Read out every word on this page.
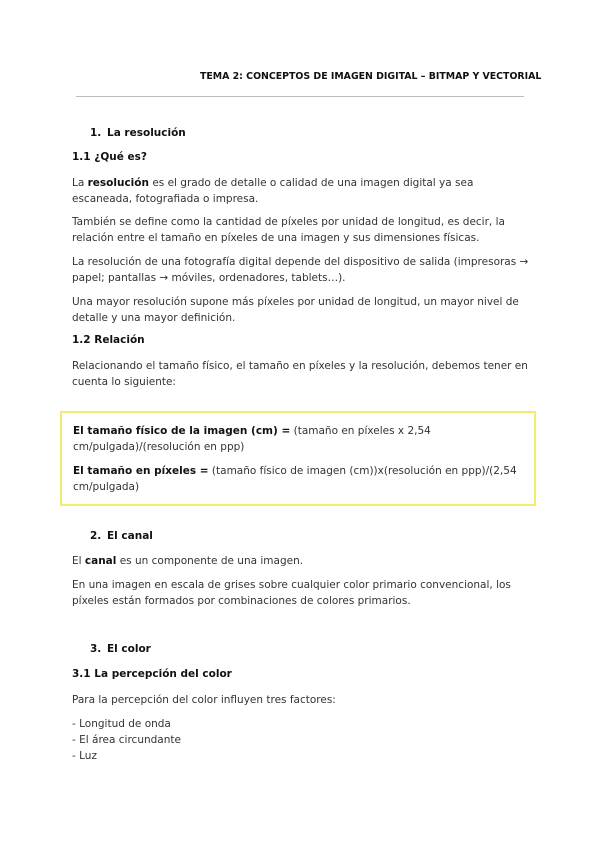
TEMA 2: CONCEPTOS DE IMAGEN DIGITAL – BITMAP Y VECTORIAL
1. La resolución
1.1 ¿Qué es?
La resolución es el grado de detalle o calidad de una imagen digital ya sea escaneada, fotografiada o impresa.
También se define como la cantidad de píxeles por unidad de longitud, es decir, la relación entre el tamaño en píxeles de una imagen y sus dimensiones físicas.
La resolución de una fotografía digital depende del dispositivo de salida (impresoras → papel; pantallas → móviles, ordenadores, tablets…).
Una mayor resolución supone más píxeles por unidad de longitud, un mayor nivel de detalle y una mayor definición.
1.2 Relación
Relacionando el tamaño físico, el tamaño en píxeles y la resolución, debemos tener en cuenta lo siguiente:
El tamaño físico de la imagen (cm) = (tamaño en píxeles x 2,54 cm/pulgada)/(resolución en ppp)
El tamaño en píxeles = (tamaño físico de imagen (cm))x(resolución en ppp)/(2,54 cm/pulgada)
2. El canal
El canal es un componente de una imagen.
En una imagen en escala de grises sobre cualquier color primario convencional, los píxeles están formados por combinaciones de colores primarios.
3. El color
3.1 La percepción del color
Para la percepción del color influyen tres factores:
- Longitud de onda
- El área circundante
- Luz
